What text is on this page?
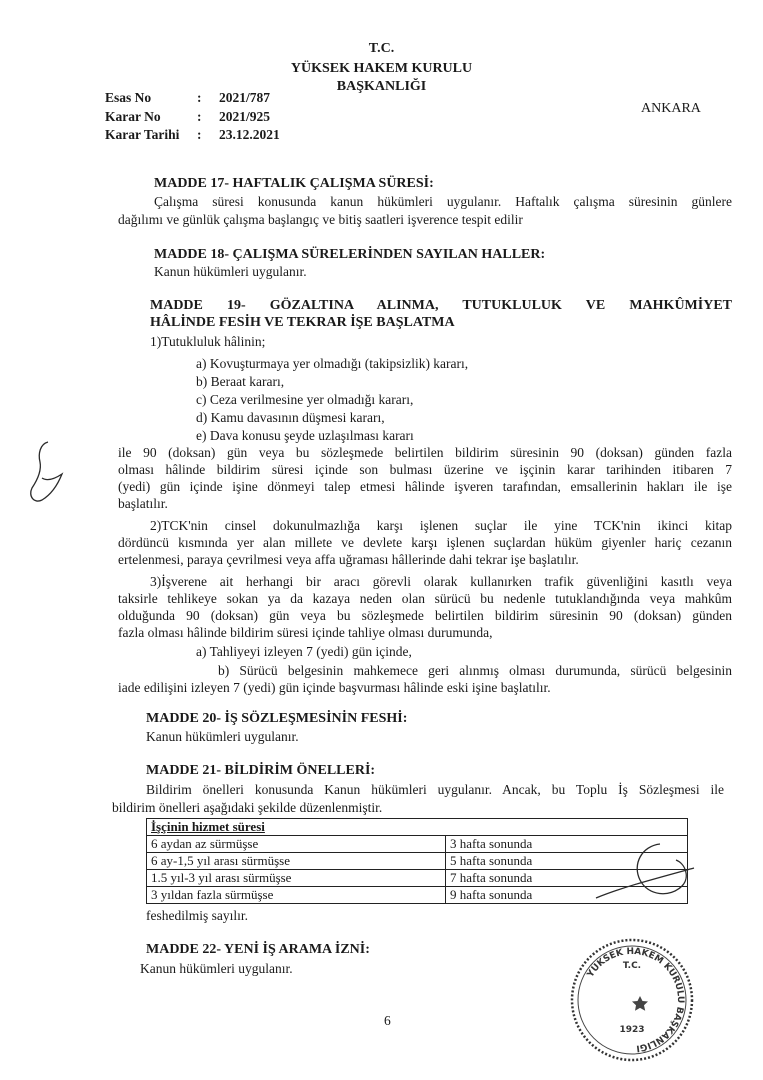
T.C.
YÜKSEK HAKEM KURULU
BAŞKANLIĞI
Esas No	: 2021/787
Karar No	: 2021/925
Karar Tarihi : 23.12.2021
ANKARA
MADDE 17- HAFTALIK ÇALIŞMA SÜRESİ:
Çalışma süresi konusunda kanun hükümleri uygulanır. Haftalık çalışma süresinin günlere
dağılımı ve günlük çalışma başlangıç ve bitiş saatleri işverence tespit edilir
MADDE 18- ÇALIŞMA SÜRELERİNDEN SAYILAN HALLER:
Kanun hükümleri uygulanır.
MADDE 19- GÖZALTINA ALINMA, TUTUKLULUK VE MAHKÛMİYET
HÂLİNDE FESİH VE TEKRAR İŞE BAŞLATMA
1)Tutukluluk hâlinin;
a) Kovuşturmaya yer olmadığı (takipsizlik) kararı,
b) Beraat kararı,
c) Ceza verilmesine yer olmadığı kararı,
d) Kamu davasının düşmesi kararı,
e) Dava konusu şeyde uzlaşılması kararı
ile 90 (doksan) gün veya bu sözleşmede belirtilen bildirim süresinin 90 (doksan) günden fazla
olması hâlinde bildirim süresi içinde son bulması üzerine ve işçinin karar tarihinden itibaren 7
(yedi) gün içinde işine dönmeyi talep etmesi hâlinde işveren tarafından, emsallerinin hakları ile işe
başlatılır.
2)TCK'nin cinsel dokunulmazlığa karşı işlenen suçlar ile yine TCK'nin ikinci kitap
dördüncü kısmında yer alan millete ve devlete karşı işlenen suçlardan hüküm giyenler hariç cezanın
ertelenmesi, paraya çevrilmesi veya affa uğraması hâllerinde dahi tekrar işe başlatılır.
3)İşverene ait herhangi bir aracı görevli olarak kullanırken trafik güvenliğini kasıtlı veya
taksirle tehlikeye sokan ya da kazaya neden olan sürücü bu nedenle tutuklandığında veya mahkûm
olduğunda 90 (doksan) gün veya bu sözleşmede belirtilen bildirim süresinin 90 (doksan) günden
fazla olması hâlinde bildirim süresi içinde tahliye olması durumunda,
a) Tahliyeyi izleyen 7 (yedi) gün içinde,
b) Sürücü belgesinin mahkemece geri alınmış olması durumunda, sürücü belgesinin
iade edilişini izleyen 7 (yedi) gün içinde başvurması hâlinde eski işine başlatılır.
MADDE 20- İŞ SÖZLEŞMESİNİN FESHİ:
Kanun hükümleri uygulanır.
MADDE 21- BİLDİRİM ÖNELLERİ:
Bildirim önelleri konusunda Kanun hükümleri uygulanır. Ancak, bu Toplu İş Sözleşmesi ile
bildirim önelleri aşağıdaki şekilde düzenlenmiştir.
İşçinin hizmet süresi	
6 aydan az sürmüşse	3 hafta sonunda
6 ay-1,5 yıl arası sürmüşse	5 hafta sonunda
1.5 yıl-3 yıl arası sürmüşse	7 hafta sonunda
3 yıldan fazla sürmüşse	9 hafta sonunda
feshedilmiş sayılır.
MADDE 22- YENİ İŞ ARAMA İZNİ:
Kanun hükümleri uygulanır.
6
T.C.
YÜKSEK HAKEM KURULU BAŞKANLIĞI
1923
